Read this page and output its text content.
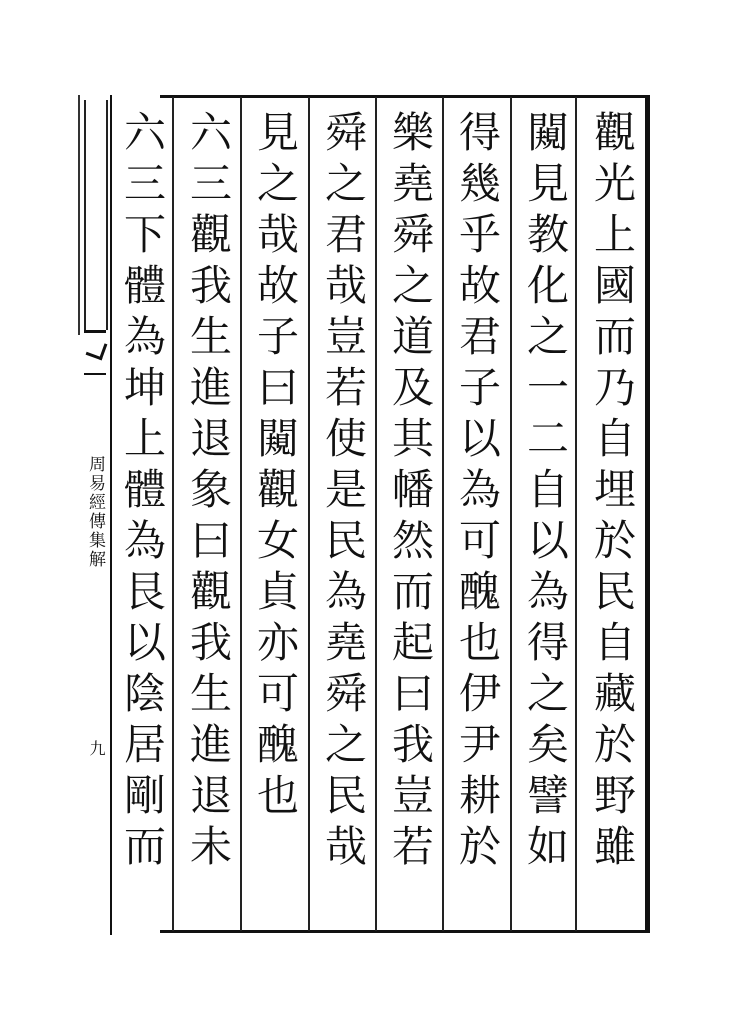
觀光上國而乃自埋於民自藏於野雖
闚見教化之一二自以為得之矣譬如
得幾乎故君子以為可醜也伊尹耕於
樂堯舜之道及其幡然而起曰我豈若
舜之君哉豈若使是民為堯舜之民哉
見之哉故子曰闚觀女貞亦可醜也
六三觀我生進退象曰觀我生進退未
六三下體為坤上體為艮以陰居剛而
周易經傳集解
九
